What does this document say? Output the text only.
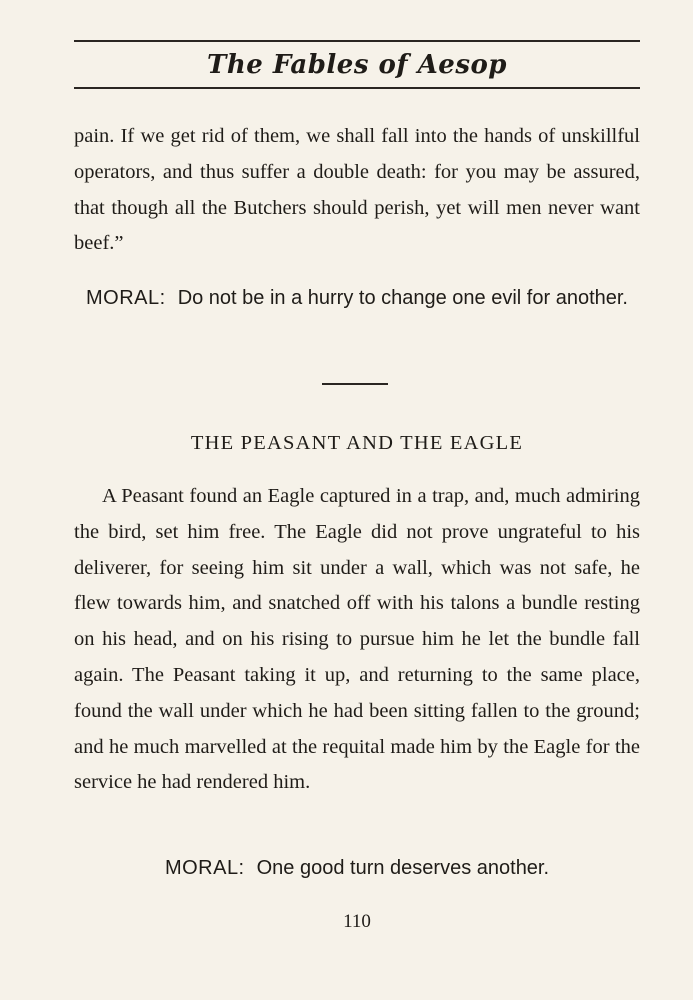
The Fables of Aesop

pain. If we get rid of them, we shall fall into the hands of unskillful operators, and thus suffer a double death: for you may be assured, that though all the Butchers should perish, yet will men never want beef.”

MORAL: Do not be in a hurry to change one evil for another.

THE PEASANT AND THE EAGLE

A Peasant found an Eagle captured in a trap, and, much admiring the bird, set him free. The Eagle did not prove ungrateful to his deliverer, for seeing him sit under a wall, which was not safe, he flew towards him, and snatched off with his talons a bundle resting on his head, and on his rising to pursue him he let the bundle fall again. The Peasant taking it up, and returning to the same place, found the wall under which he had been sitting fallen to the ground; and he much marvelled at the requital made him by the Eagle for the service he had rendered him.

MORAL: One good turn deserves another.

110
